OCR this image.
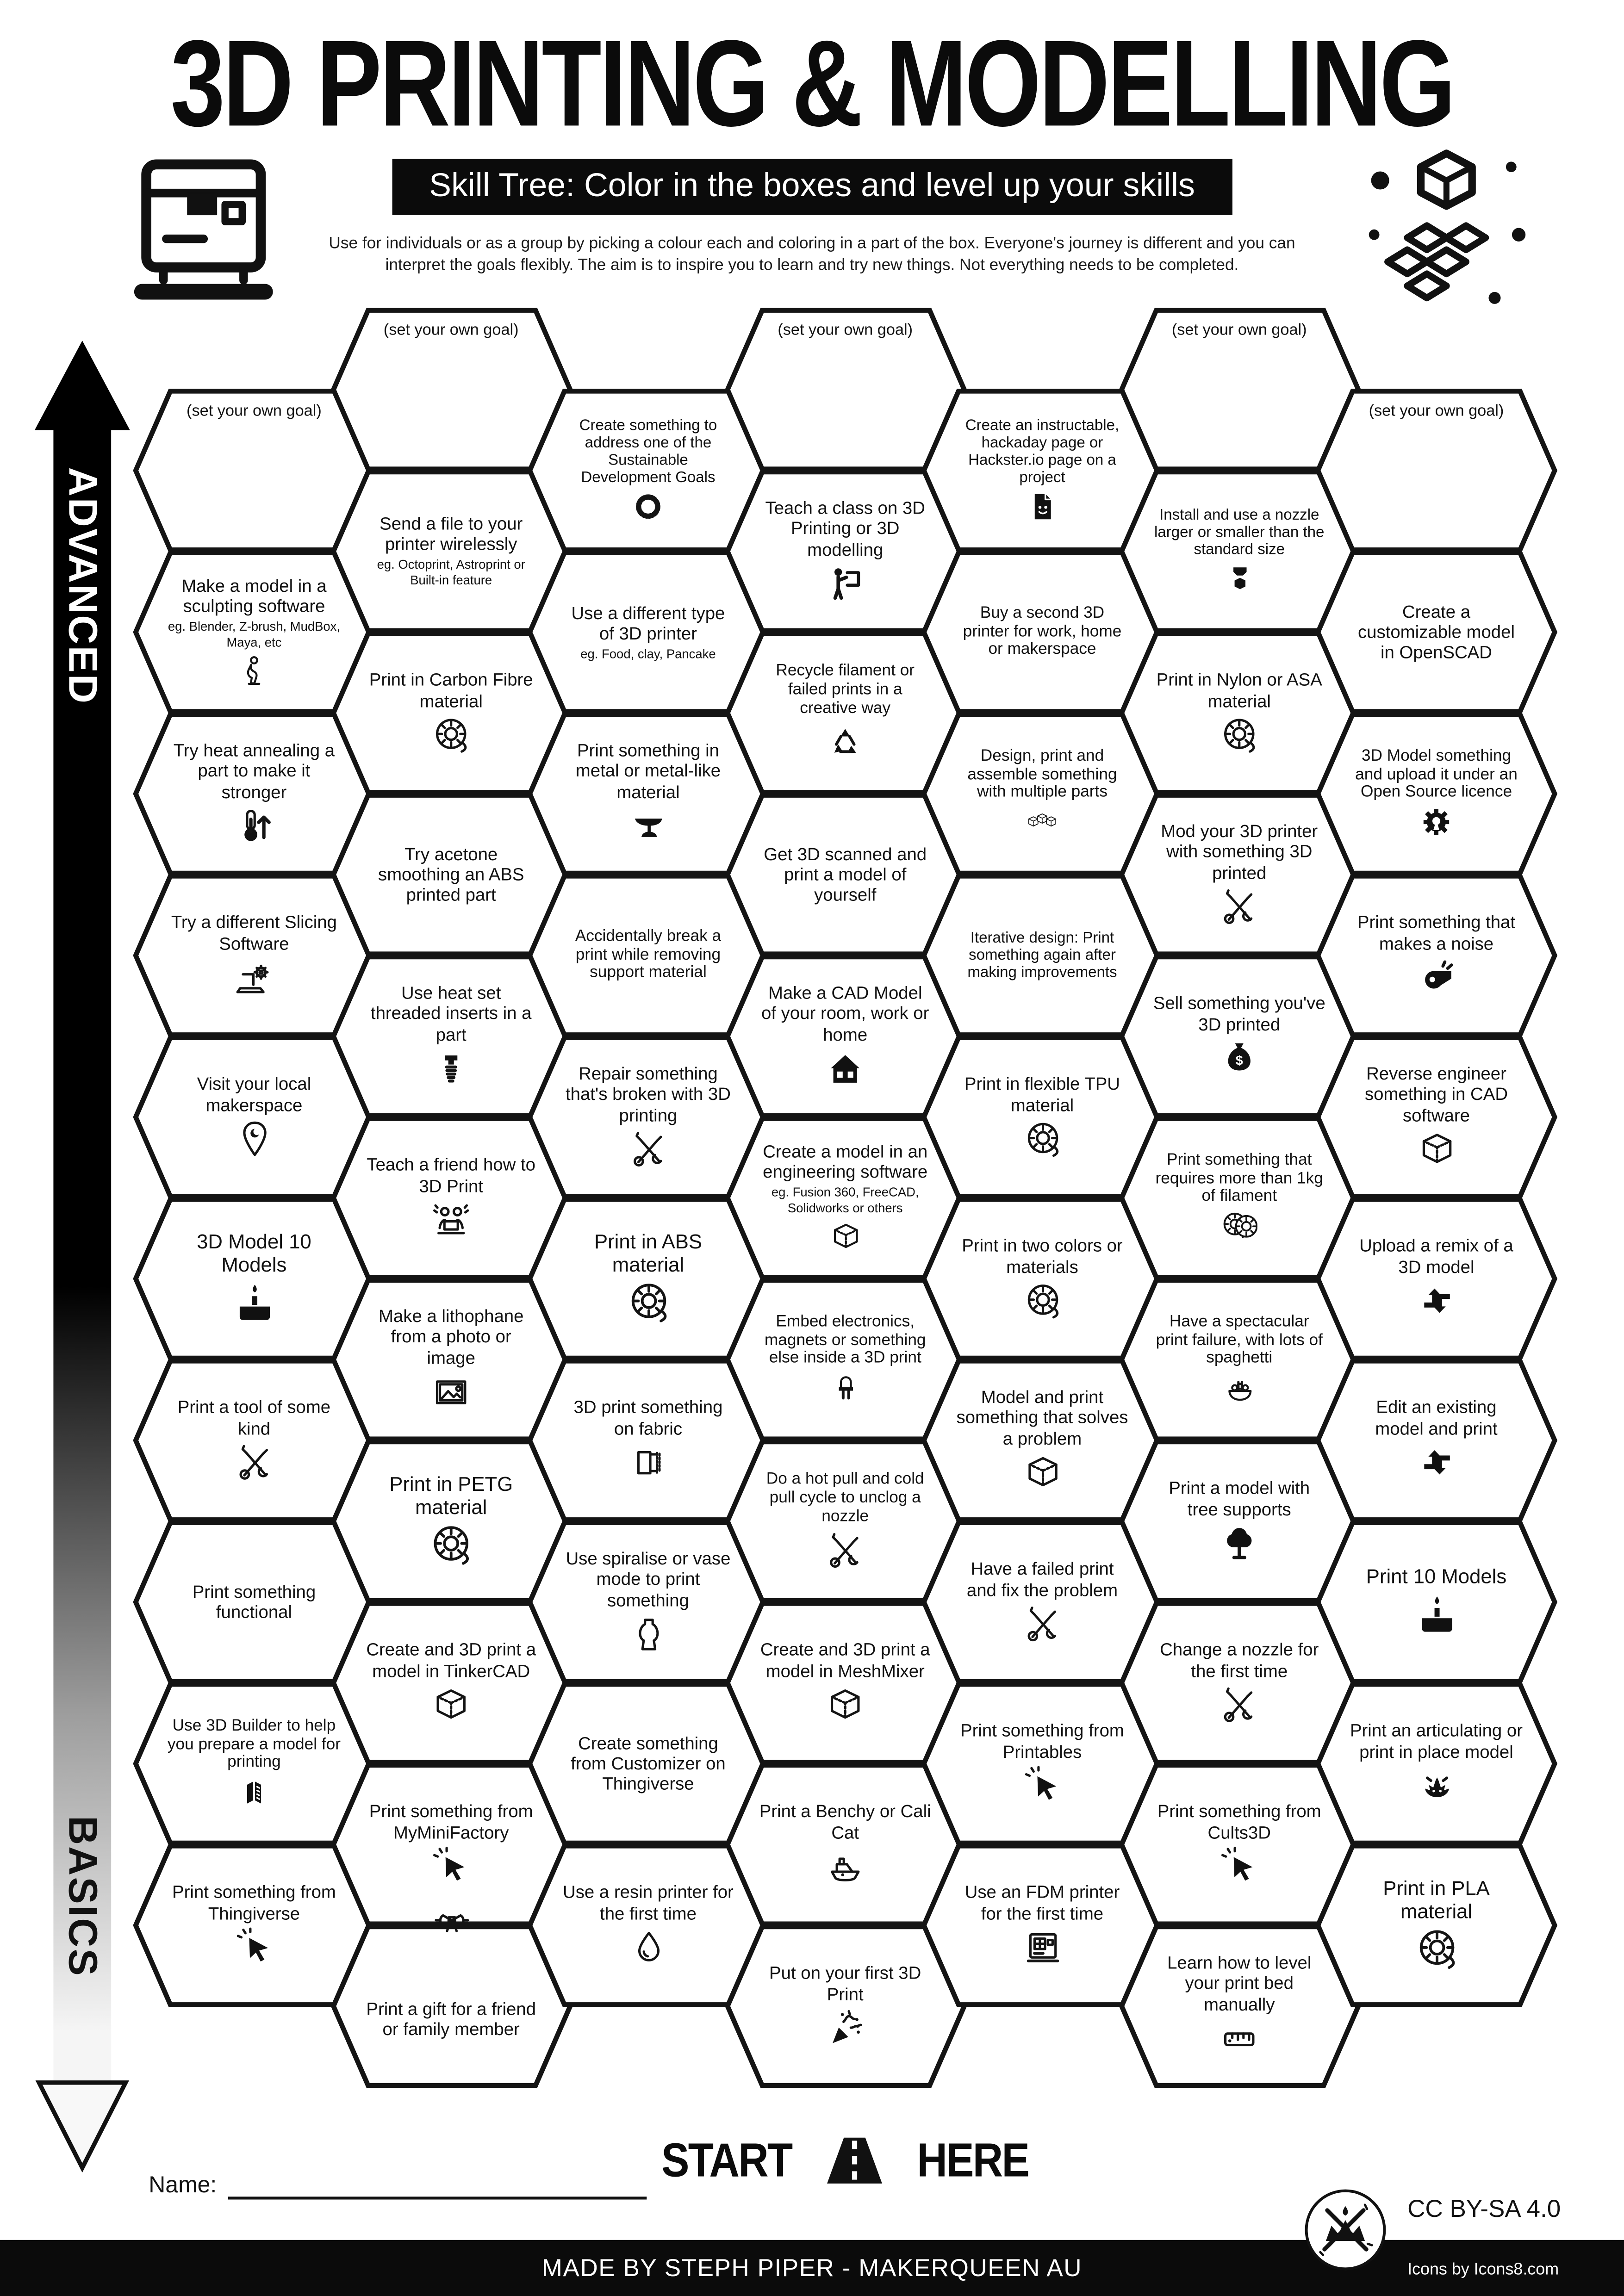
3D PRINTING & MODELLING
Skill Tree: Color in the boxes and level up your skills
Use for individuals or as a group by picking a colour each and coloring in a part of the box. Everyone's journey is different and you can interpret the goals flexibly. The aim is to inspire you to learn and try new things. Not everything needs to be completed.
ADVANCED
BASICS
(set your own goal)
Make a model in a sculpting software
eg. Blender, Z-brush, MudBox, Maya, etc
Try heat annealing a part to make it stronger
Try a different Slicing Software
Visit your local makerspace
3D Model 10 Models
Print a tool of some kind
Print something functional
Use 3D Builder to help you prepare a model for printing
Print something from Thingiverse
(set your own goal)
Send a file to your printer wirelessly
eg. Octoprint, Astroprint or Built-in feature
Print in Carbon Fibre material
Try acetone smoothing an ABS printed part
Use heat set threaded inserts in a part
Teach a friend how to 3D Print
Make a lithophane from a photo or image
Print in PETG material
Create and 3D print a model in TinkerCAD
Print something from MyMiniFactory
Print a gift for a friend or family member
Create something to address one of the Sustainable Development Goals
Use a different type of 3D printer
eg. Food, clay, Pancake
Print something in metal or metal-like material
Accidentally break a print while removing support material
Repair something that's broken with 3D printing
Print in ABS material
3D print something on fabric
Use spiralise or vase mode to print something
Create something from Customizer on Thingiverse
Use a resin printer for the first time
(set your own goal)
Teach a class on 3D Printing or 3D modelling
Recycle filament or failed prints in a creative way
Get 3D scanned and print a model of yourself
Make a CAD Model of your room, work or home
Create a model in an engineering software
eg. Fusion 360, FreeCAD, Solidworks or others
Embed electronics, magnets or something else inside a 3D print
Do a hot pull and cold pull cycle to unclog a nozzle
Create and 3D print a model in MeshMixer
Print a Benchy or Cali Cat
Put on your first 3D Print
Create an instructable, hackaday page or Hackster.io page on a project
Buy a second 3D printer for work, home or makerspace
Design, print and assemble something with multiple parts
Iterative design: Print something again after making improvements
Print in flexible TPU material
Print in two colors or materials
Model and print something that solves a problem
Have a failed print and fix the problem
Print something from Printables
Use an FDM printer for the first time
(set your own goal)
Install and use a nozzle larger or smaller than the standard size
Print in Nylon or ASA material
Mod your 3D printer with something 3D printed
Sell something you've 3D printed
$
Print something that requires more than 1kg of filament
Have a spectacular print failure, with lots of spaghetti
Print a model with tree supports
Change a nozzle for the first time
Print something from Cults3D
Learn how to level your print bed manually
(set your own goal)
Create a customizable model in OpenSCAD
3D Model something and upload it under an Open Source licence
Print something that makes a noise
Reverse engineer something in CAD software
Upload a remix of a 3D model
Edit an existing model and print
Print 10 Models
Print an articulating or print in place model
Print in PLA material
START	HERE
Name:
CC BY-SA 4.0
MADE BY STEPH PIPER - MAKERQUEEN AU	Icons by Icons8.com
